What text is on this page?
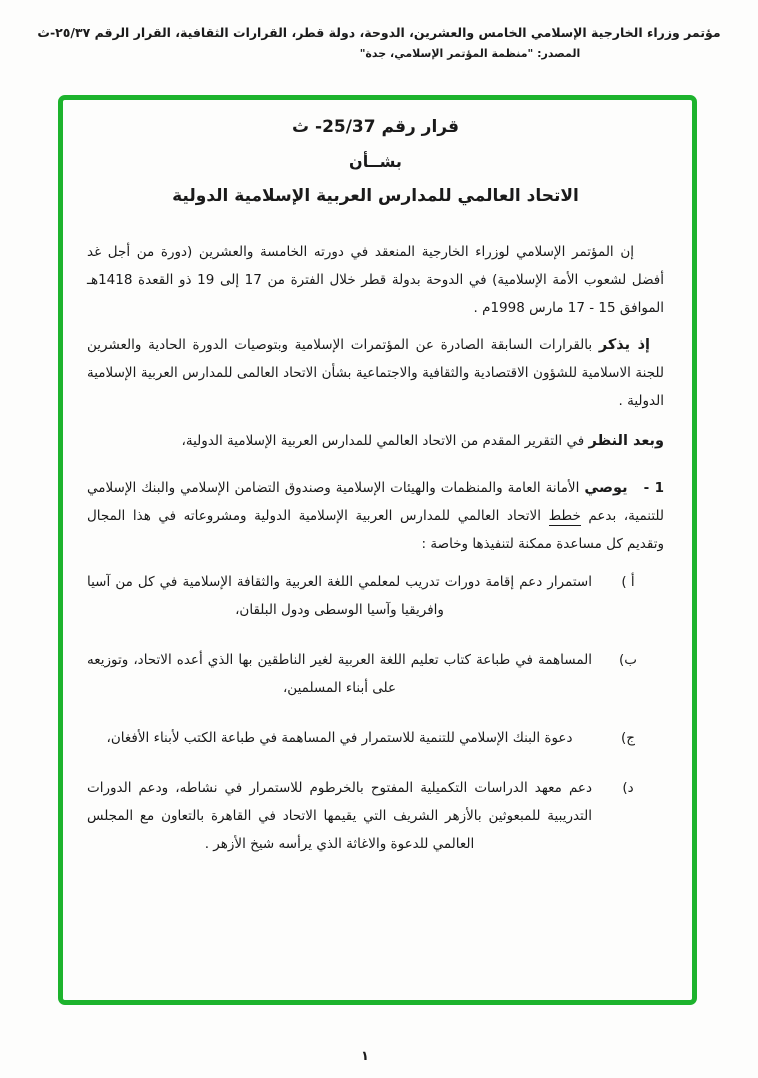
مؤتمر وزراء الخارجية الإسلامي الخامس والعشرين، الدوحة، دولة قطر، القرارات الثقافية، القرار الرقم ٢٥/٣٧-ث
المصدر: "منظمة المؤتمر الإسلامي، جدة"
قرار رقم 25/37- ث
بشــأن
الاتحاد العالمي للمدارس العربية الإسلامية الدولية

إن المؤتمر الإسلامي لوزراء الخارجية المنعقد في دورته الخامسة والعشرين (دورة من أجل غد أفضل لشعوب الأمة الإسلامية) في الدوحة بدولة قطر خلال الفترة من 17 إلى 19 ذو القعدة 1418هـ الموافق 15 - 17 مارس 1998م .

إذ يذكر بالقرارات السابقة الصادرة عن المؤتمرات الإسلامية وبتوصيات الدورة الحادية والعشرين للجنة الاسلامية للشؤون الاقتصادية والثقافية والاجتماعية بشأن الاتحاد العالمى للمدارس العربية الإسلامية الدولية .

وبعد النظر في التقرير المقدم من الاتحاد العالمي للمدارس العربية الإسلامية الدولية،

1 -يوصي الأمانة العامة والمنظمات والهيئات الإسلامية وصندوق التضامن الإسلامي والبنك الإسلامي للتنمية، بدعم خطط الاتحاد العالمي للمدارس العربية الإسلامية الدولية ومشروعاته في هذا المجال وتقديم كل مساعدة ممكنة لتنفيذها وخاصة :

أ )
استمرار دعم إقامة دورات تدريب لمعلمي اللغة العربية والثقافة الإسلامية في كل من آسيا وافريقيا وآسيا الوسطى ودول البلقان،
ب)
المساهمة في طباعة كتاب تعليم اللغة العربية لغير الناطقين بها الذي أعده الاتحاد، وتوزيعه على أبناء المسلمين،
ج)
دعوة البنك الإسلامي للتنمية للاستمرار في المساهمة في طباعة الكتب لأبناء الأفغان،
د)
دعم معهد الدراسات التكميلية المفتوح بالخرطوم للاستمرار في نشاطه، ودعم الدورات التدريبية للمبعوثين بالأزهر الشريف التي يقيمها الاتحاد في القاهرة بالتعاون مع المجلس العالمي للدعوة والاغاثة الذي يرأسه شيخ الأزهر .
١
